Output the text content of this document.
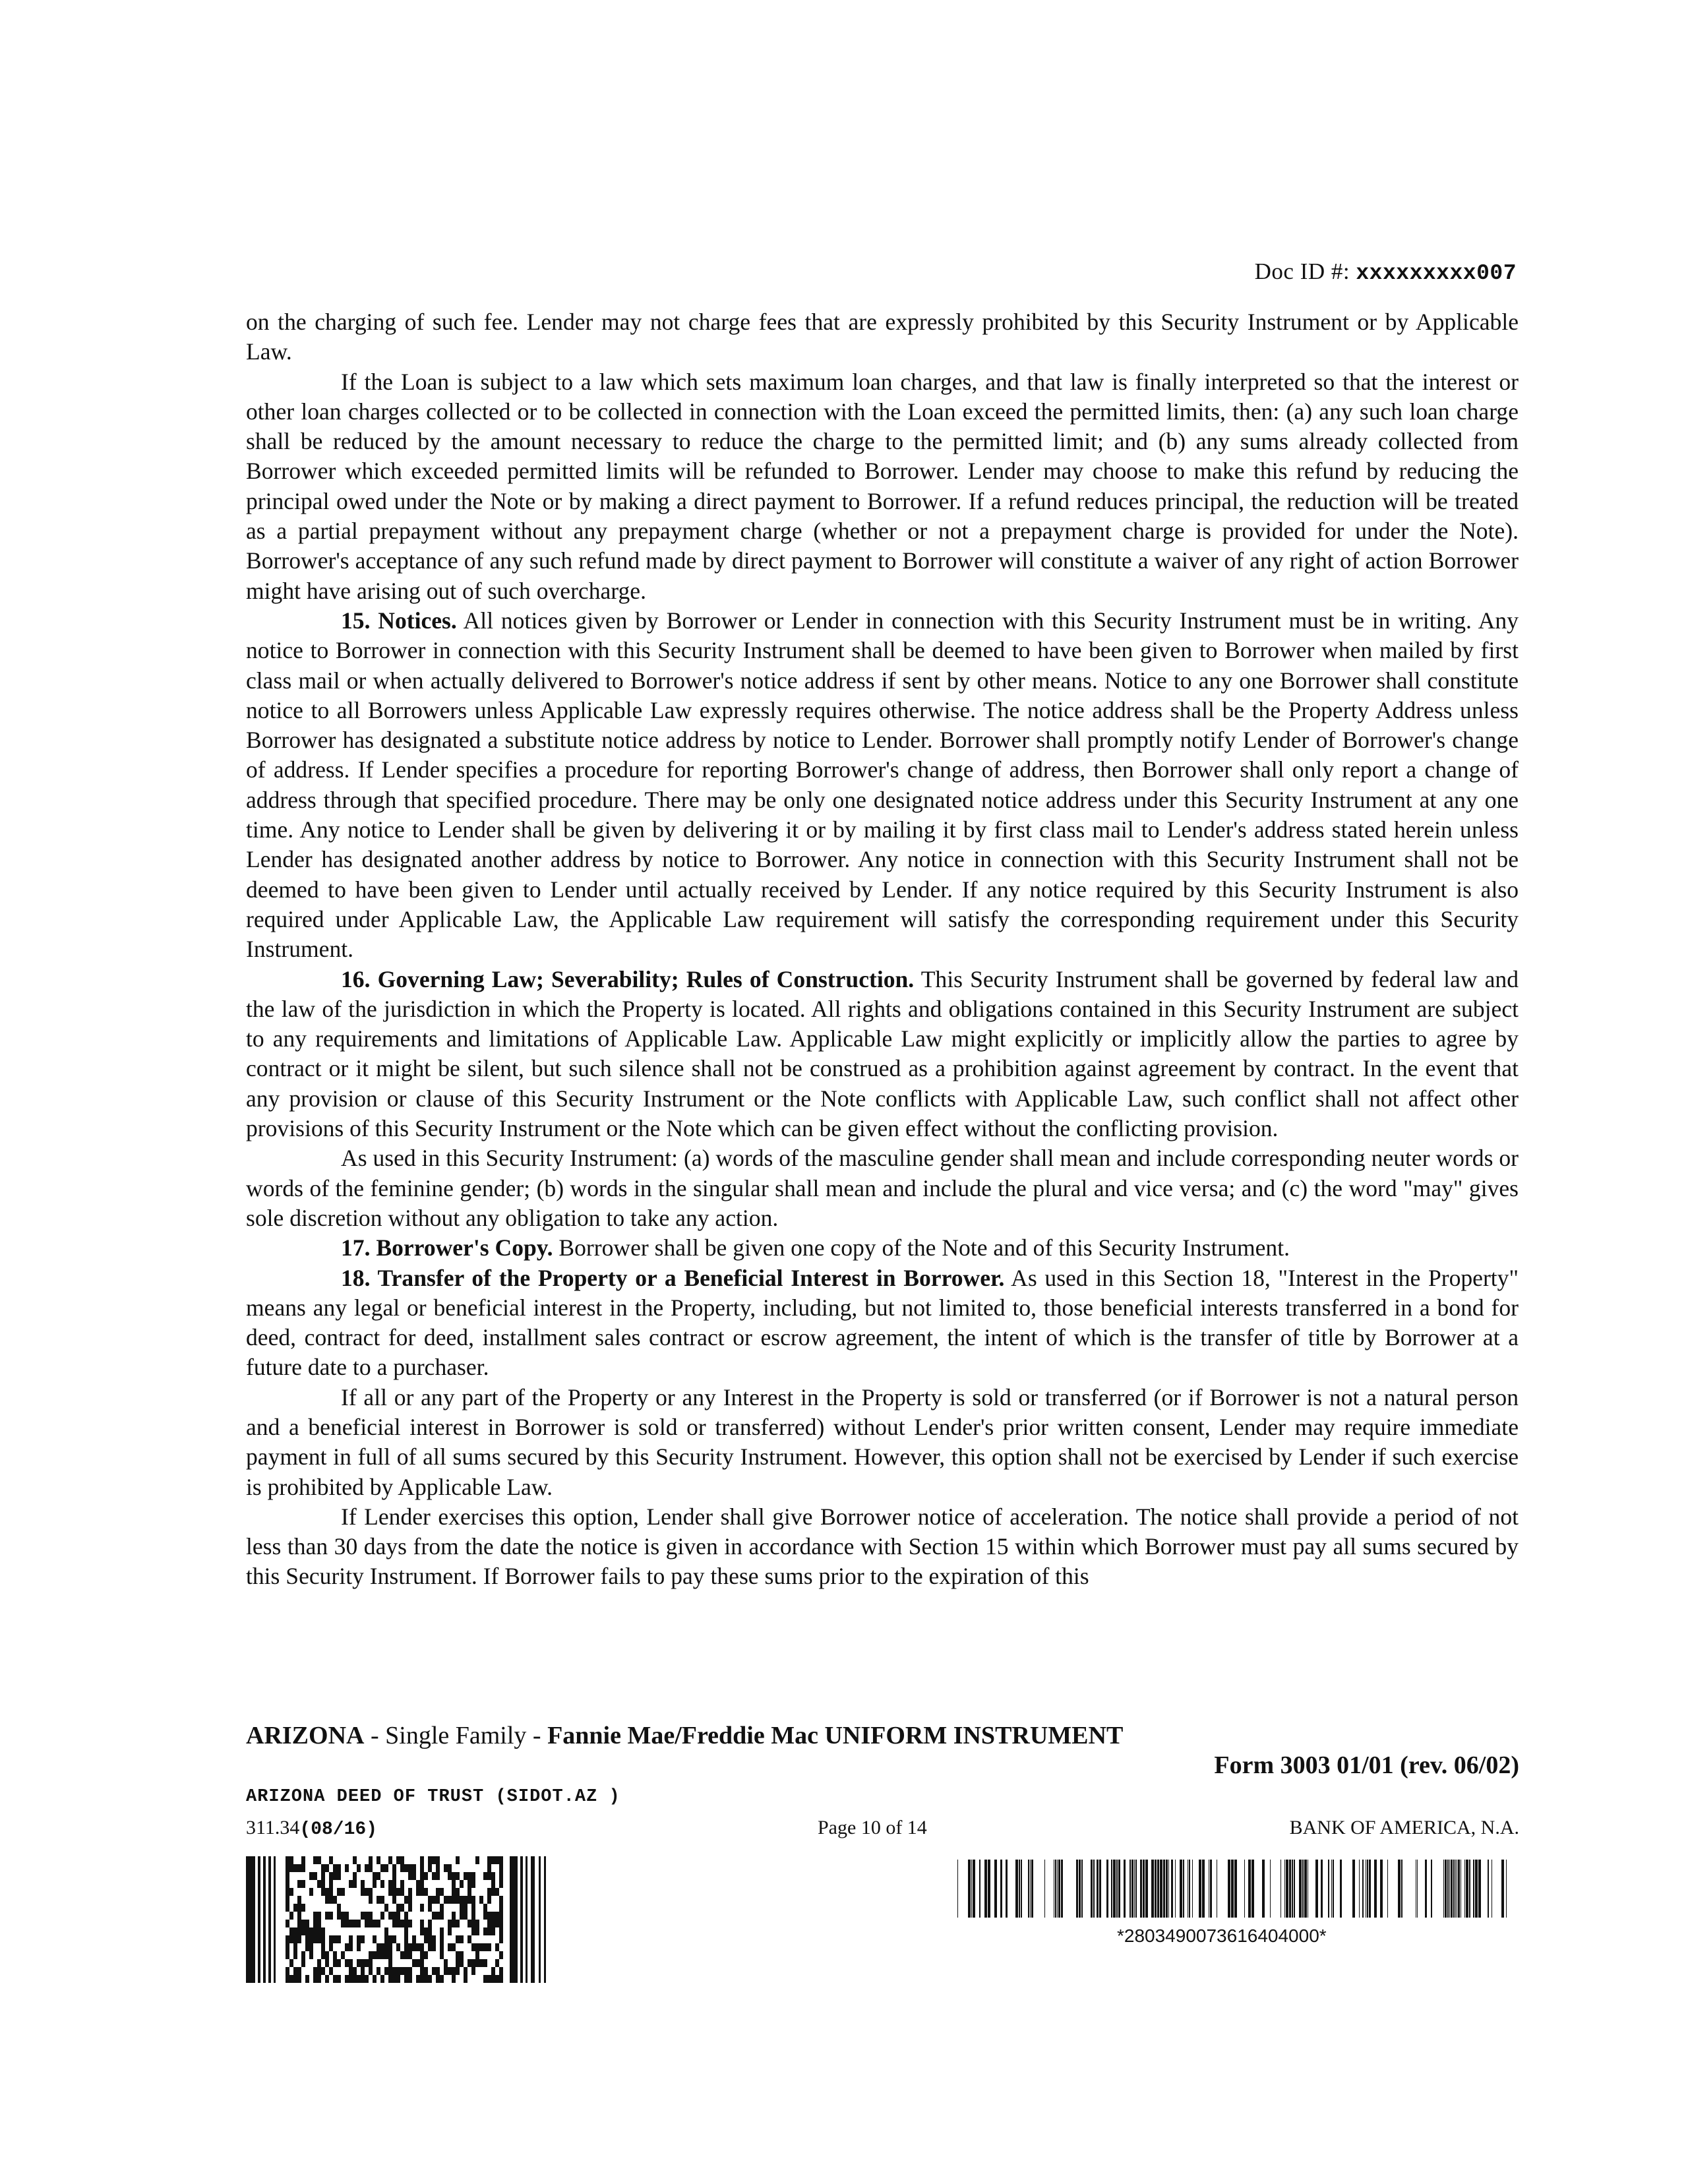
Doc ID #: xxxxxxxxx007

on the charging of such fee. Lender may not charge fees that are expressly prohibited by this Security Instrument or by Applicable Law.

If the Loan is subject to a law which sets maximum loan charges, and that law is finally interpreted so that the interest or other loan charges collected or to be collected in connection with the Loan exceed the permitted limits, then: (a) any such loan charge shall be reduced by the amount necessary to reduce the charge to the permitted limit; and (b) any sums already collected from Borrower which exceeded permitted limits will be refunded to Borrower. Lender may choose to make this refund by reducing the principal owed under the Note or by making a direct payment to Borrower. If a refund reduces principal, the reduction will be treated as a partial prepayment without any prepayment charge (whether or not a prepayment charge is provided for under the Note). Borrower's acceptance of any such refund made by direct payment to Borrower will constitute a waiver of any right of action Borrower might have arising out of such overcharge.

15. Notices. All notices given by Borrower or Lender in connection with this Security Instrument must be in writing. Any notice to Borrower in connection with this Security Instrument shall be deemed to have been given to Borrower when mailed by first class mail or when actually delivered to Borrower's notice address if sent by other means. Notice to any one Borrower shall constitute notice to all Borrowers unless Applicable Law expressly requires otherwise. The notice address shall be the Property Address unless Borrower has designated a substitute notice address by notice to Lender. Borrower shall promptly notify Lender of Borrower's change of address. If Lender specifies a procedure for reporting Borrower's change of address, then Borrower shall only report a change of address through that specified procedure. There may be only one designated notice address under this Security Instrument at any one time. Any notice to Lender shall be given by delivering it or by mailing it by first class mail to Lender's address stated herein unless Lender has designated another address by notice to Borrower. Any notice in connection with this Security Instrument shall not be deemed to have been given to Lender until actually received by Lender. If any notice required by this Security Instrument is also required under Applicable Law, the Applicable Law requirement will satisfy the corresponding requirement under this Security Instrument.

16. Governing Law; Severability; Rules of Construction. This Security Instrument shall be governed by federal law and the law of the jurisdiction in which the Property is located. All rights and obligations contained in this Security Instrument are subject to any requirements and limitations of Applicable Law. Applicable Law might explicitly or implicitly allow the parties to agree by contract or it might be silent, but such silence shall not be construed as a prohibition against agreement by contract. In the event that any provision or clause of this Security Instrument or the Note conflicts with Applicable Law, such conflict shall not affect other provisions of this Security Instrument or the Note which can be given effect without the conflicting provision.

As used in this Security Instrument: (a) words of the masculine gender shall mean and include corresponding neuter words or words of the feminine gender; (b) words in the singular shall mean and include the plural and vice versa; and (c) the word "may" gives sole discretion without any obligation to take any action.

17. Borrower's Copy. Borrower shall be given one copy of the Note and of this Security Instrument.

18. Transfer of the Property or a Beneficial Interest in Borrower. As used in this Section 18, "Interest in the Property" means any legal or beneficial interest in the Property, including, but not limited to, those beneficial interests transferred in a bond for deed, contract for deed, installment sales contract or escrow agreement, the intent of which is the transfer of title by Borrower at a future date to a purchaser.

If all or any part of the Property or any Interest in the Property is sold or transferred (or if Borrower is not a natural person and a beneficial interest in Borrower is sold or transferred) without Lender's prior written consent, Lender may require immediate payment in full of all sums secured by this Security Instrument. However, this option shall not be exercised by Lender if such exercise is prohibited by Applicable Law.

If Lender exercises this option, Lender shall give Borrower notice of acceleration. The notice shall provide a period of not less than 30 days from the date the notice is given in accordance with Section 15 within which Borrower must pay all sums secured by this Security Instrument. If Borrower fails to pay these sums prior to the expiration of this

ARIZONA - Single Family - Fannie Mae/Freddie Mac UNIFORM INSTRUMENT
Form 3003 01/01 (rev. 06/02)
ARIZONA DEED OF TRUST (SIDOT.AZ )
311.34(08/16)	Page 10 of 14	BANK OF AMERICA, N.A.
*2803490073616404000*
